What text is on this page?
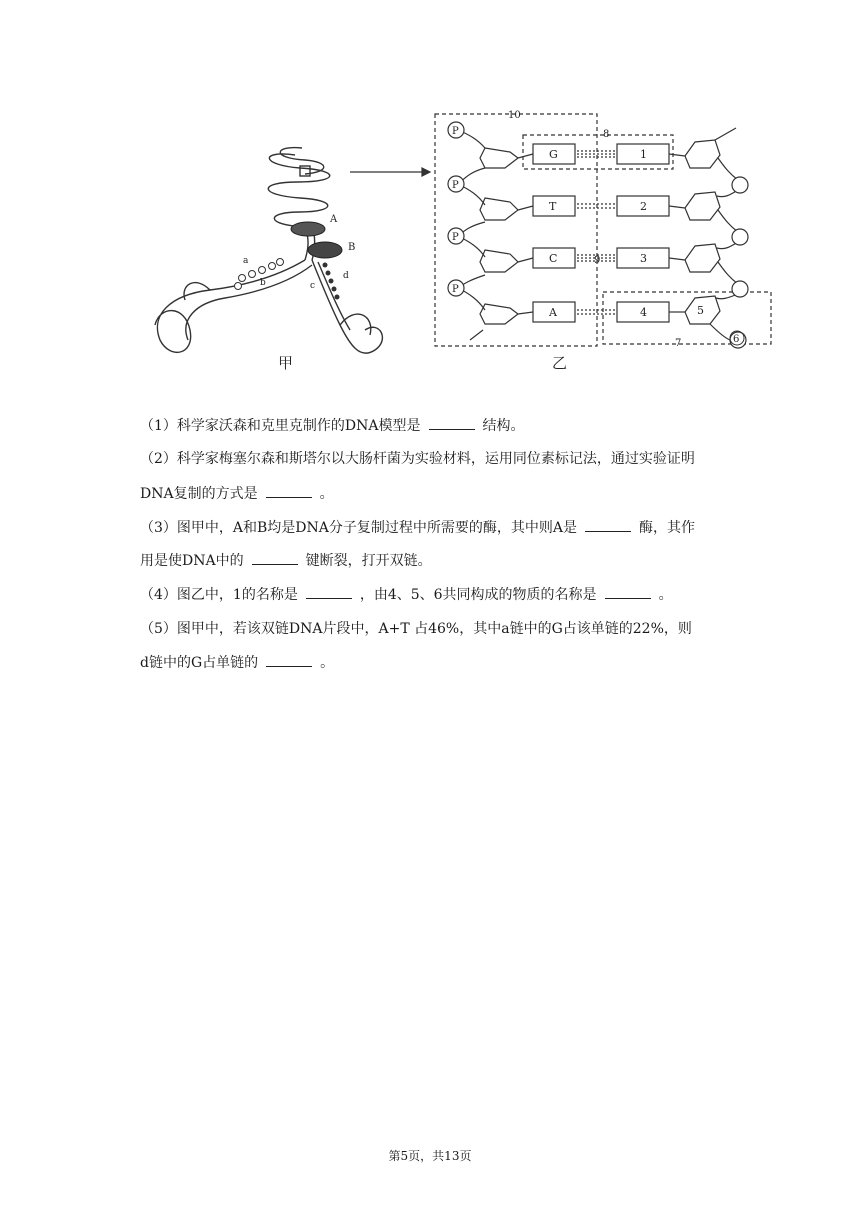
A
B
a
b	c
d
甲
P
P
P
P
G
T
C
A
1
2
3
4	5
6
7
8
9
10
乙
（1）科学家沃森和克里克制作的DNA模型是	结构。
（2）科学家梅塞尔森和斯塔尔以大肠杆菌为实验材料，运用同位素标记法，通过实验证明
DNA复制的方式是	。
（3）图甲中，A和B均是DNA分子复制过程中所需要的酶，其中则A是	酶，其作
用是使DNA中的	键断裂，打开双链。
（4）图乙中，1的名称是	，由4、5、6共同构成的物质的名称是	。
（5）图甲中，若该双链DNA片段中，A+T 占46%，其中a链中的G占该单链的22%，则
d链中的G占单链的	。
第5页，共13页
